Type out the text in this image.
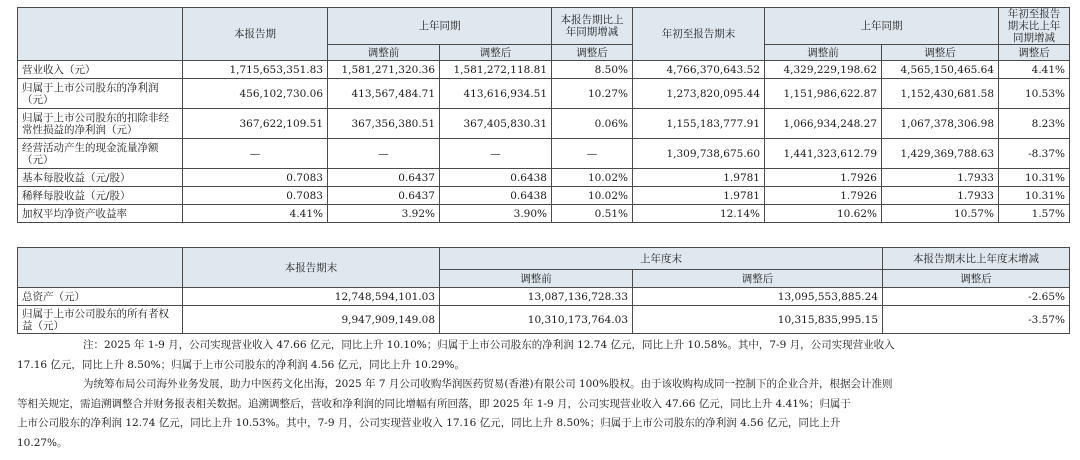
	本报告期	上年同期		本报告期比上年同期增减	年初至报告期末	上年同期		年初至报告期末比上年同期增减
		调整前	调整后	调整后		调整前	调整后	调整后
营业收入（元）	1,715,653,351.83	1,581,271,320.36	1,581,272,118.81	8.50%	4,766,370,643.52	4,329,229,198.62	4,565,150,465.64	4.41%
归属于上市公司股东的净利润（元）	456,102,730.06	413,567,484.71	413,616,934.51	10.27%	1,273,820,095.44	1,151,986,622.87	1,152,430,681.58	10.53%
归属于上市公司股东的扣除非经常性损益的净利润（元）	367,622,109.51	367,356,380.51	367,405,830.31	0.06%	1,155,183,777.91	1,066,934,248.27	1,067,378,306.98	8.23%
经营活动产生的现金流量净额（元）	—	—	—	—	1,309,738,675.60	1,441,323,612.79	1,429,369,788.63	-8.37%
基本每股收益（元/股）	0.7083	0.6437	0.6438	10.02%	1.9781	1.7926	1.7933	10.31%
稀释每股收益（元/股）	0.7083	0.6437	0.6438	10.02%	1.9781	1.7926	1.7933	10.31%
加权平均净资产收益率	4.41%	3.92%	3.90%	0.51%	12.14%	10.62%	10.57%	1.57%
	本报告期末	上年度末		本报告期末比上年度末增减
		调整前	调整后	调整后
总资产（元）	12,748,594,101.03	13,087,136,728.33	13,095,553,885.24	-2.65%
归属于上市公司股东的所有者权益（元）	9,947,909,149.08	10,310,173,764.03	10,315,835,995.15	-3.57%

注：2025 年 1-9 月，公司实现营业收入 47.66 亿元，同比上升 10.10%；归属于上市公司股东的净利润 12.74 亿元，同比上升 10.58%。其中，7-9 月，公司实现营业收入

17.16 亿元，同比上升 8.50%；归属于上市公司股东的净利润 4.56 亿元，同比上升 10.29%。

为统筹布局公司海外业务发展，助力中医药文化出海，2025 年 7 月公司收购华润医药贸易(香港)有限公司 100%股权。由于该收购构成同一控制下的企业合并，根据会计准则

等相关规定，需追溯调整合并财务报表相关数据。追溯调整后，营收和净利润的同比增幅有所回落，即 2025 年 1-9 月，公司实现营业收入 47.66 亿元，同比上升 4.41%；归属于

上市公司股东的净利润 12.74 亿元，同比上升 10.53%。其中，7-9 月，公司实现营业收入 17.16 亿元，同比上升 8.50%；归属于上市公司股东的净利润 4.56 亿元，同比上升

10.27%。
